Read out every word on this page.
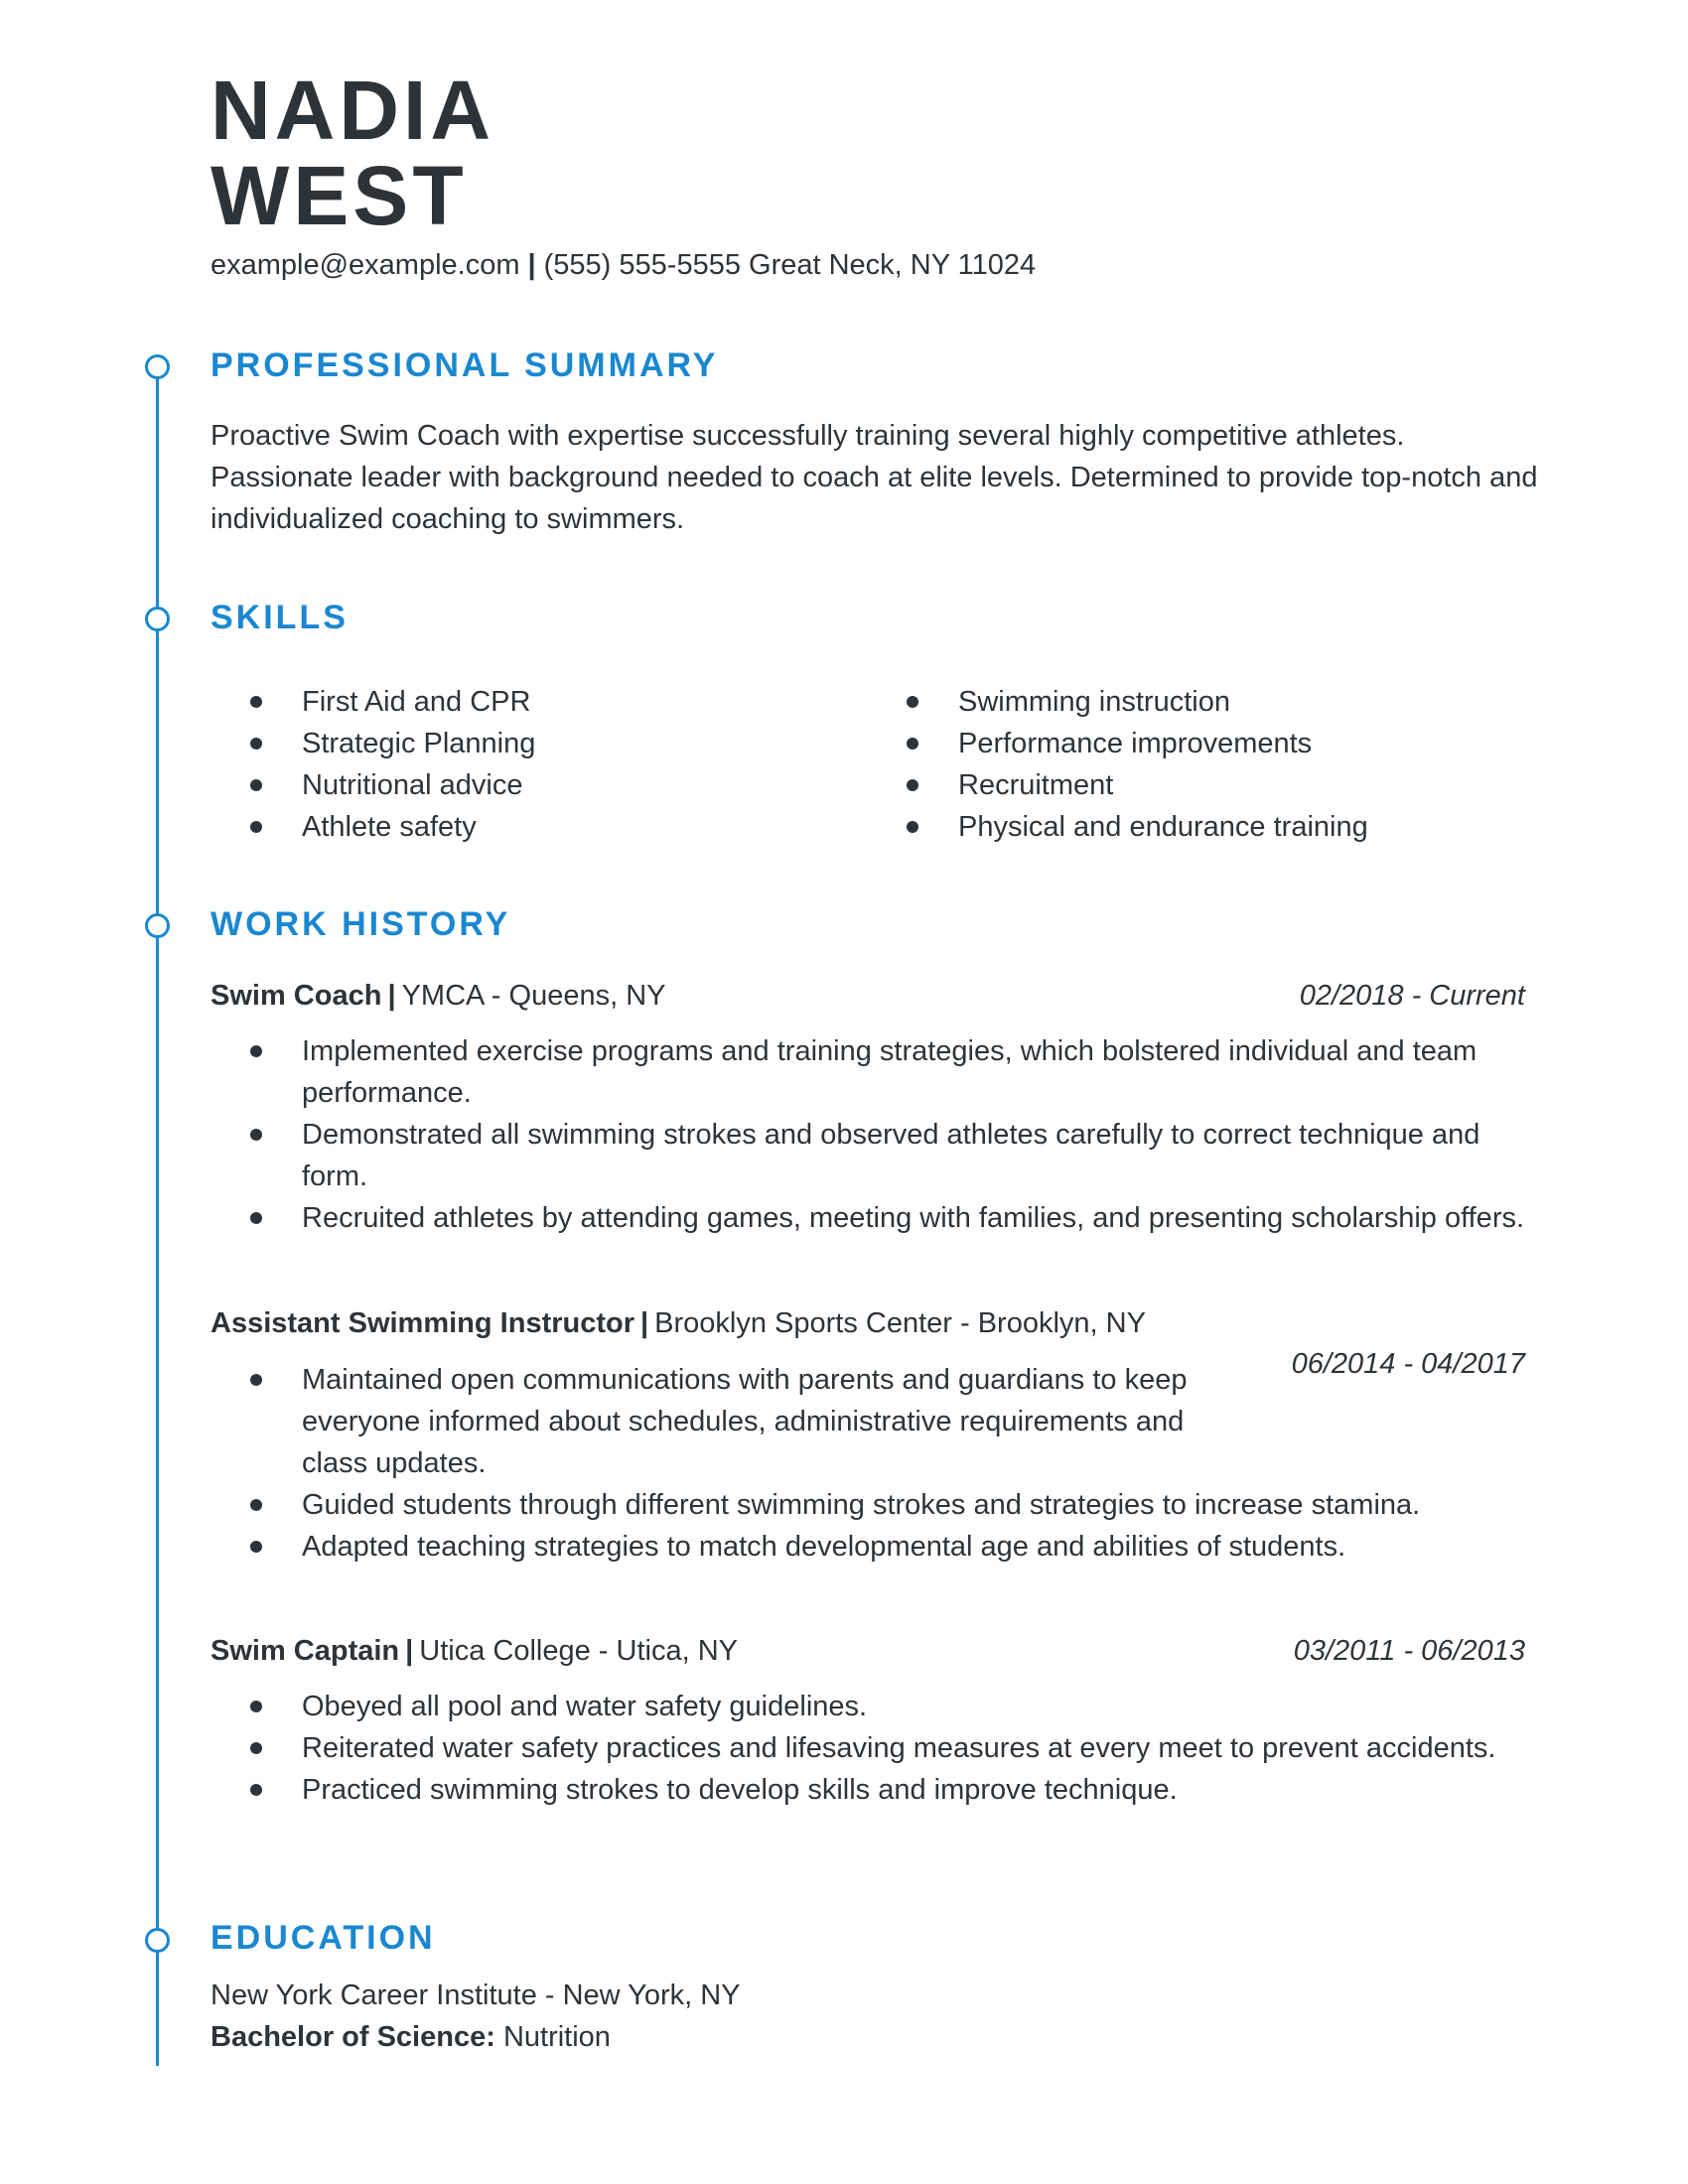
NADIA
WEST
example@example.com | (555) 555-5555 Great Neck, NY 11024
PROFESSIONAL SUMMARY

Proactive Swim Coach with expertise successfully training several highly competitive athletes. Passionate leader with background needed to coach at elite levels. Determined to provide top-notch and individualized coaching to swimmers.

SKILLS
First Aid and CPR
Strategic Planning
Nutritional advice
Athlete safety
Swimming instruction
Performance improvements
Recruitment
Physical and endurance training
WORK HISTORY
Swim Coach | YMCA - Queens, NY	02/2018 - Current
Implemented exercise programs and training strategies, which bolstered individual and team performance.
Demonstrated all swimming strokes and observed athletes carefully to correct technique and form.
Recruited athletes by attending games, meeting with families, and presenting scholarship offers.
Assistant Swimming Instructor | Brooklyn Sports Center - Brooklyn, NY
06/2014 - 04/2017
Maintained open communications with parents and guardians to keep everyone informed about schedules, administrative requirements and class updates.
Guided students through different swimming strokes and strategies to increase stamina.
Adapted teaching strategies to match developmental age and abilities of students.
Swim Captain | Utica College - Utica, NY	03/2011 - 06/2013
Obeyed all pool and water safety guidelines.
Reiterated water safety practices and lifesaving measures at every meet to prevent accidents.
Practiced swimming strokes to develop skills and improve technique.
EDUCATION
New York Career Institute - New York, NY
Bachelor of Science: Nutrition
